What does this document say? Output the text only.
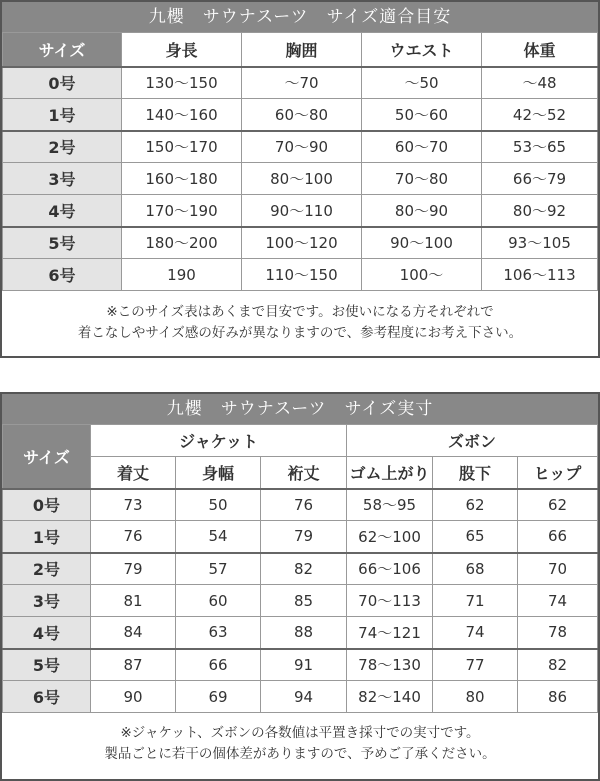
九櫻　サウナスーツ　サイズ適合目安
サイズ	身長	胸囲	ウエスト	体重
0号	130〜150	〜70	〜50	〜48
1号	140〜160	60〜80	50〜60	42〜52
2号	150〜170	70〜90	60〜70	53〜65
3号	160〜180	80〜100	70〜80	66〜79
4号	170〜190	90〜110	80〜90	80〜92
5号	180〜200	100〜120	90〜100	93〜105
6号	190	110〜150	100〜	106〜113
※このサイズ表はあくまで目安です。お使いになる方それぞれで
着こなしやサイズ感の好みが異なりますので、参考程度にお考え下さい。
九櫻　サウナスーツ　サイズ実寸
サイズ	ジャケット			ズボン		
	着丈	身幅	裄丈	ゴム上がり	股下	ヒップ
0号	73	50	76	58〜95	62	62
1号	76	54	79	62〜100	65	66
2号	79	57	82	66〜106	68	70
3号	81	60	85	70〜113	71	74
4号	84	63	88	74〜121	74	78
5号	87	66	91	78〜130	77	82
6号	90	69	94	82〜140	80	86
※ジャケット、ズボンの各数値は平置き採寸での実寸です。
製品ごとに若干の個体差がありますので、予めご了承ください。
